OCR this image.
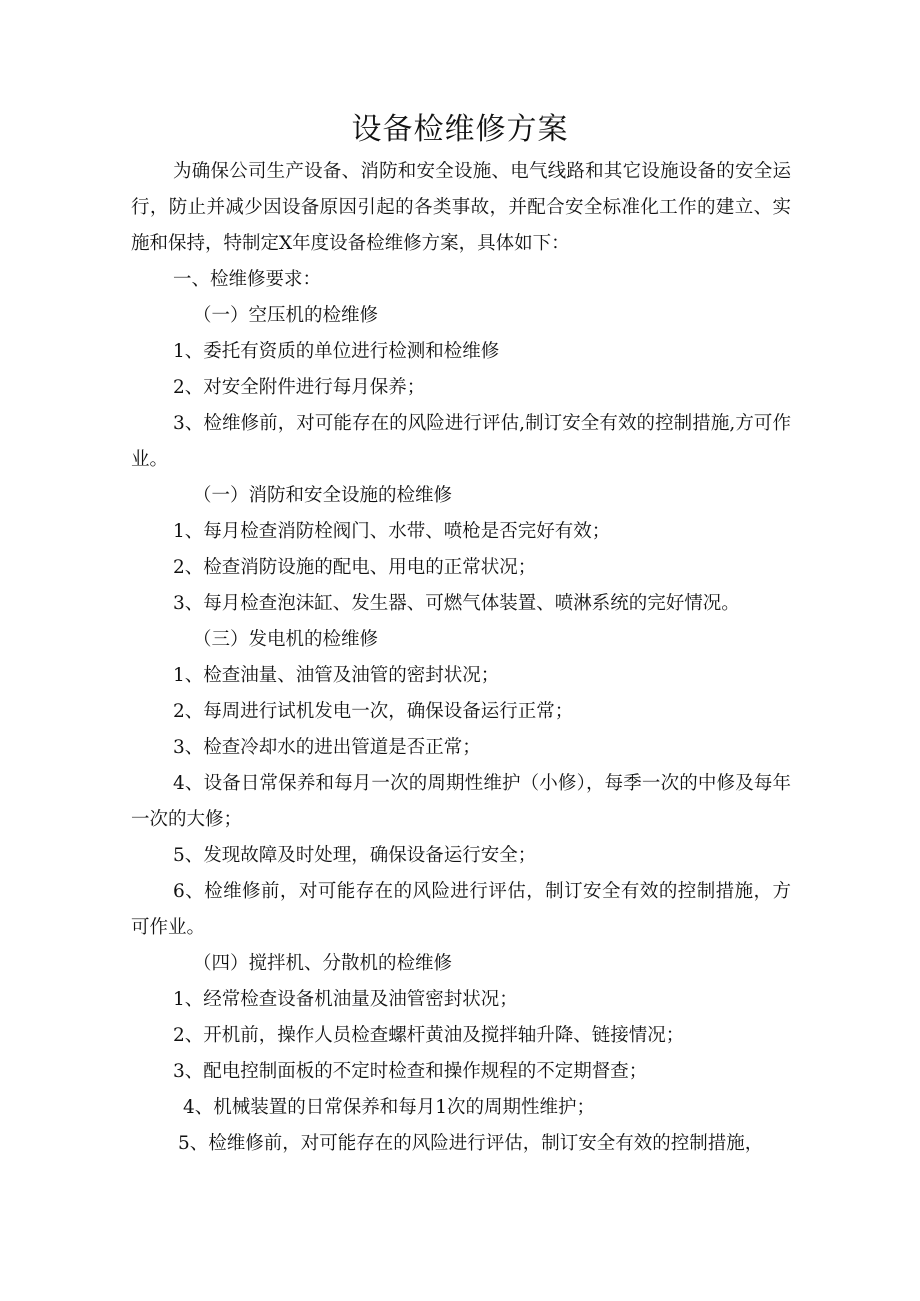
设备检维修方案

为确保公司生产设备、消防和安全设施、电气线路和其它设施设备的安全运行，防止并减少因设备原因引起的各类事故，并配合安全标准化工作的建立、实施和保持，特制定X年度设备检维修方案，具体如下：

一、检维修要求：

（一）空压机的检维修

1、委托有资质的单位进行检测和检维修

2、对安全附件进行每月保养；

3、检维修前，对可能存在的风险进行评估,制订安全有效的控制措施,方可作业。

（一）消防和安全设施的检维修

1、每月检查消防栓阀门、水带、喷枪是否完好有效；

2、检查消防设施的配电、用电的正常状况；

3、每月检查泡沫缸、发生器、可燃气体装置、喷淋系统的完好情况。

（三）发电机的检维修

1、检查油量、油管及油管的密封状况；

2、每周进行试机发电一次，确保设备运行正常；

3、检查冷却水的进出管道是否正常；

4、设备日常保养和每月一次的周期性维护（小修），每季一次的中修及每年一次的大修；

5、发现故障及时处理，确保设备运行安全；

6、检维修前，对可能存在的风险进行评估，制订安全有效的控制措施，方可作业。

（四）搅拌机、分散机的检维修

1、经常检查设备机油量及油管密封状况；

2、开机前，操作人员检查螺杆黄油及搅拌轴升降、链接情况；

3、配电控制面板的不定时检查和操作规程的不定期督查；

4、机械装置的日常保养和每月1次的周期性维护；

5、检维修前，对可能存在的风险进行评估，制订安全有效的控制措施，
